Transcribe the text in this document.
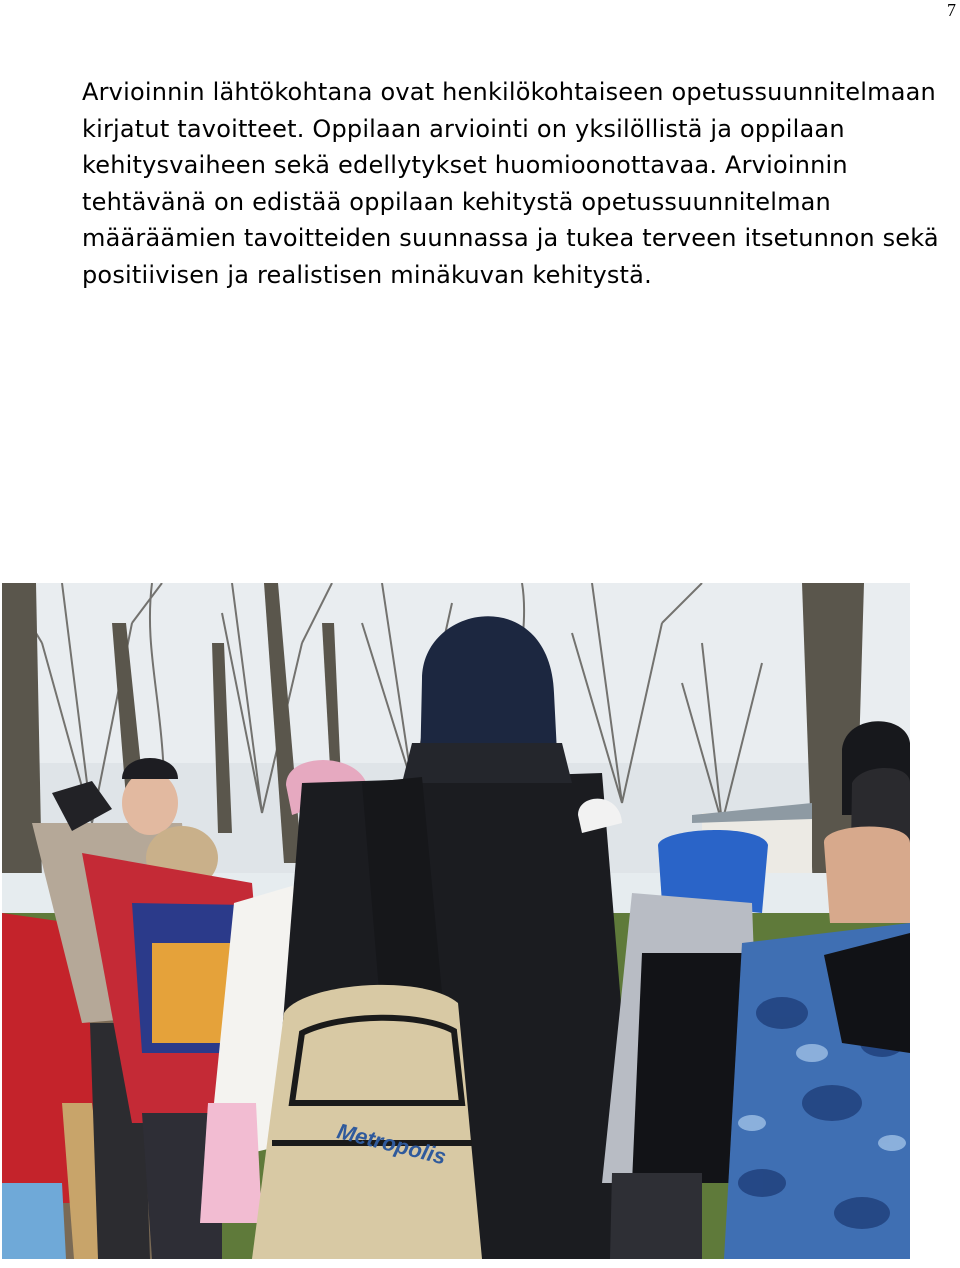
7

Arvioinnin lähtökohtana ovat henkilökohtaiseen opetussuunnitelmaan kirjatut tavoitteet. Oppilaan arviointi on yksilöllistä ja oppilaan kehitysvaiheen sekä edellytykset huomioonottavaa. Arvioinnin tehtävänä on edistää oppilaan kehitystä opetussuunnitelman määräämien tavoitteiden suunnassa ja tukea terveen itsetunnon sekä positiivisen ja realistisen minäkuvan kehitystä.

Metropolis
